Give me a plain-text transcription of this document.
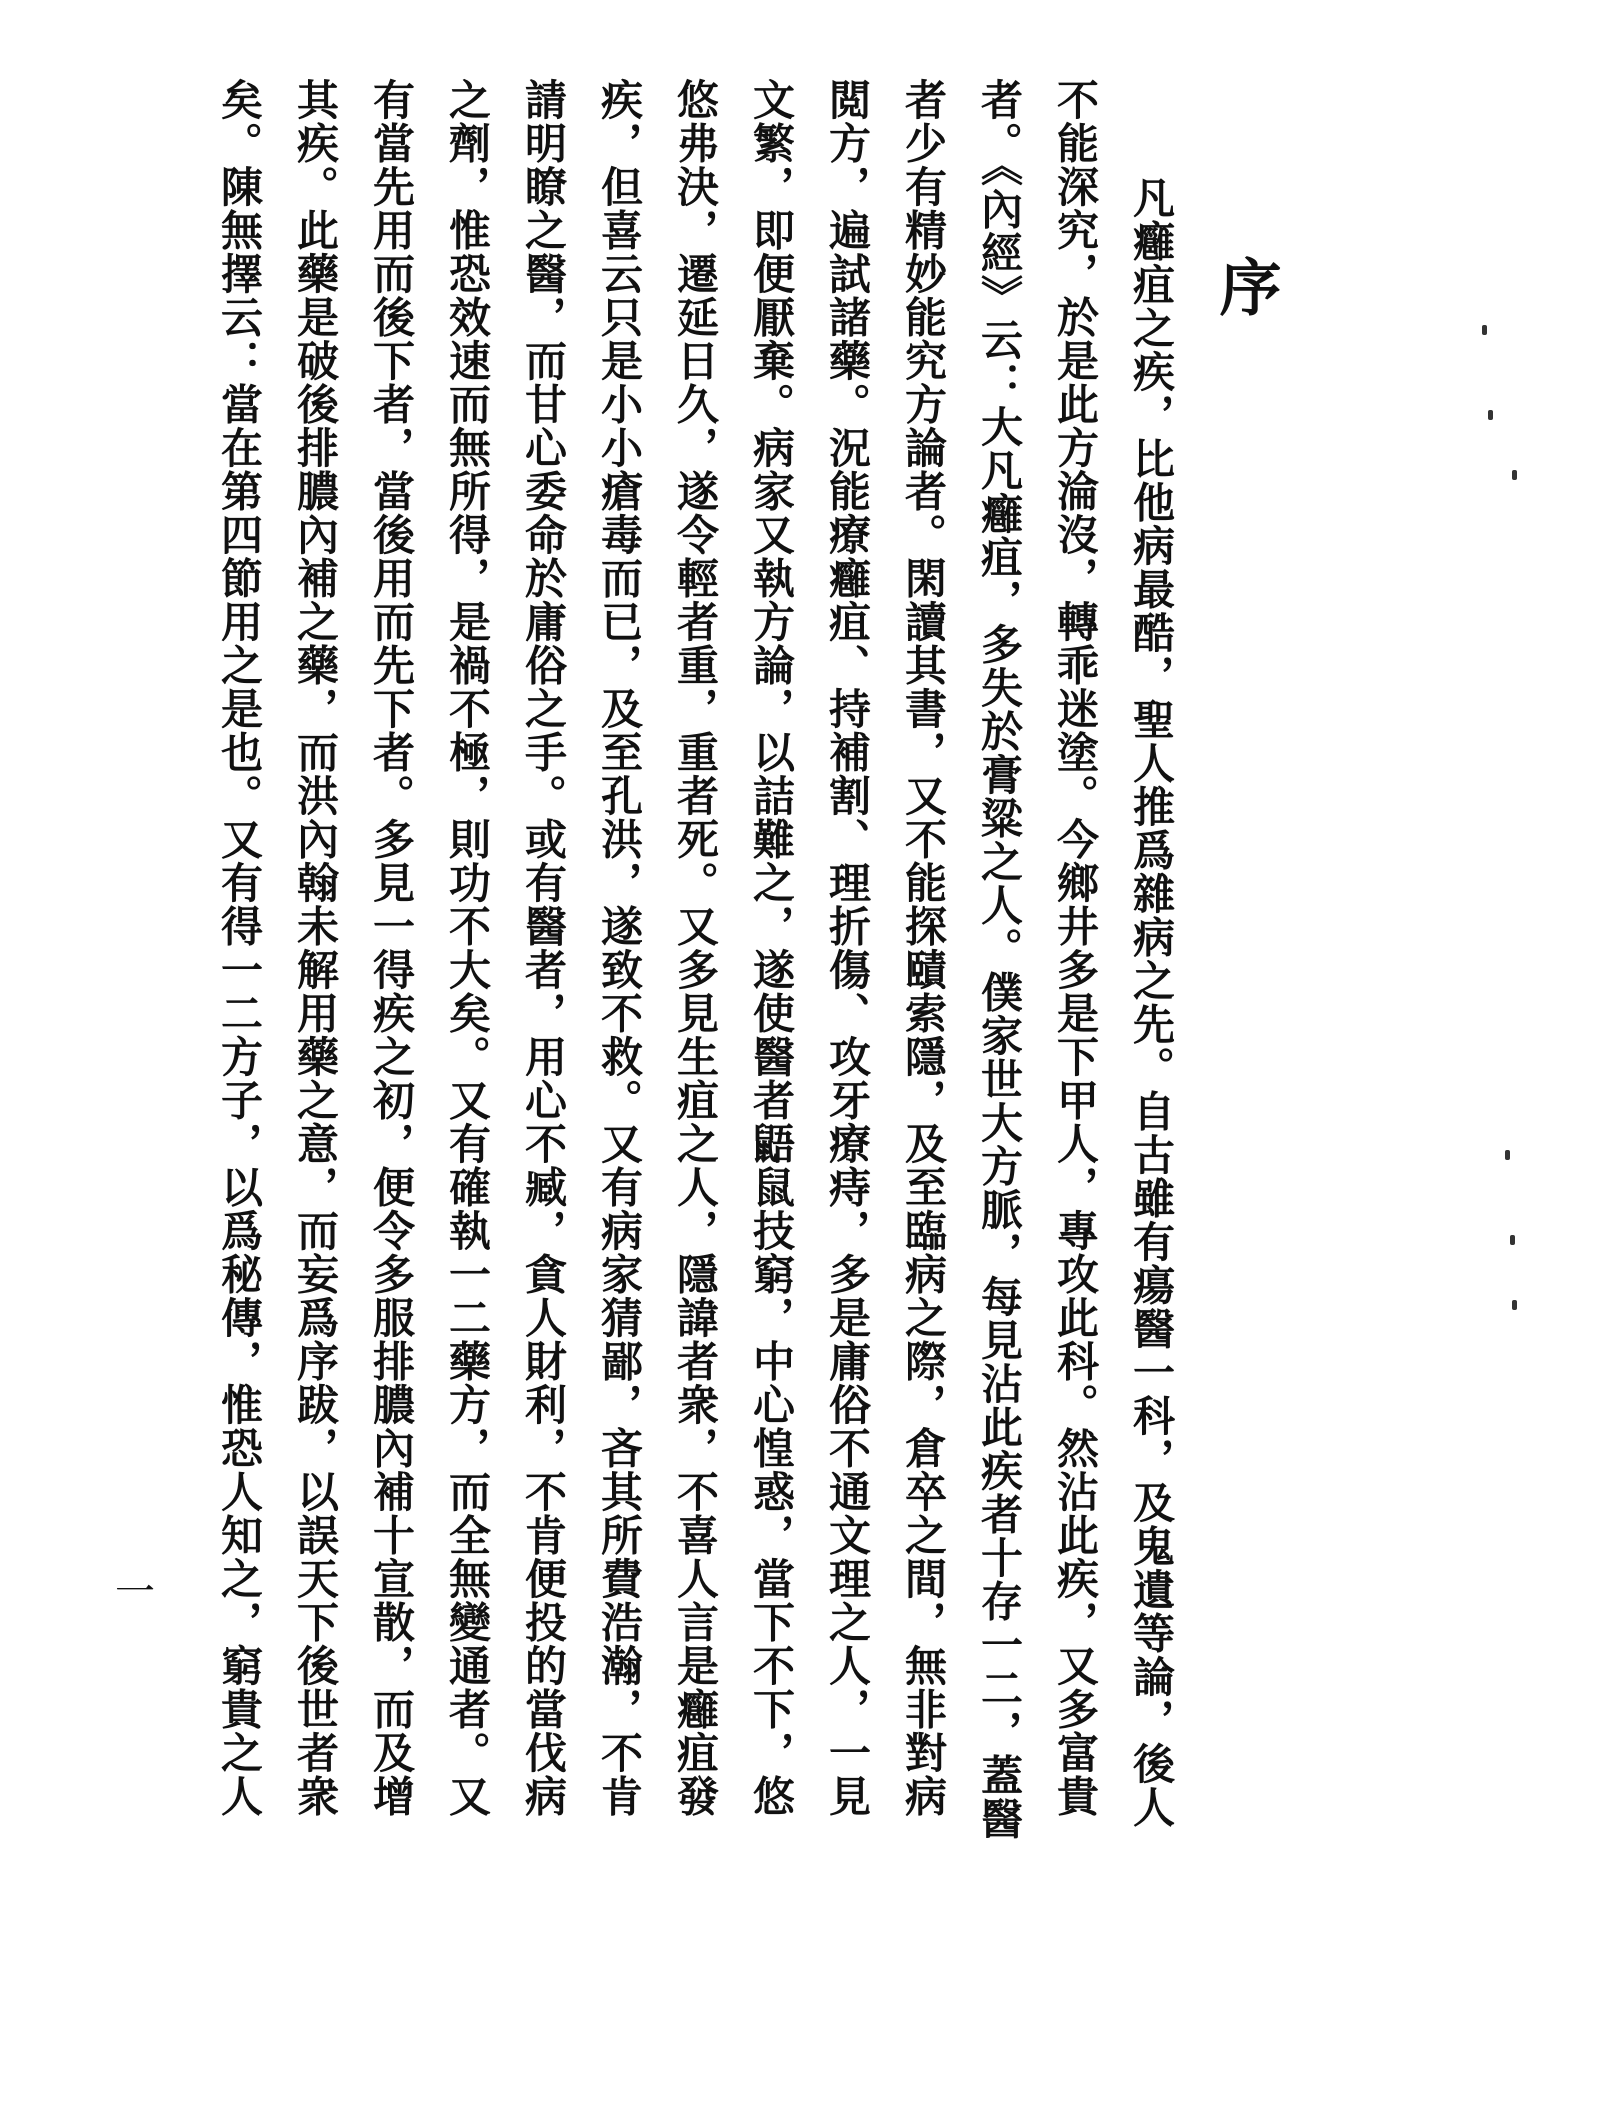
序
凡癰疽之疾，比他病最酷，聖人推爲雜病之先。自古雖有瘍醫一科，及鬼遺等論，後人
不能深究，於是此方淪沒，轉乖迷塗。今鄉井多是下甲人，專攻此科。然沾此疾，又多富貴
者。《內經》云：大凡癰疽，多失於膏粱之人。僕家世大方脈，每見沾此疾者十存一二，蓋醫
者少有精妙能究方論者。閑讀其書，又不能探賾索隱，及至臨病之際，倉卒之間，無非對病
閲方，遍試諸藥。況能療癰疽、持補割、理折傷、攻牙療痔，多是庸俗不通文理之人，一見
文繁，即便厭棄。病家又執方論，以詰難之，遂使醫者鼯鼠技窮，中心惶惑，當下不下，悠
悠弗決，遷延日久，遂令輕者重，重者死。又多見生疽之人，隱諱者衆，不喜人言是癰疽發
疾，但喜云只是小小瘡毒而已，及至孔洪，遂致不救。又有病家猜鄙，吝其所費浩瀚，不肯
請明瞭之醫，而甘心委命於庸俗之手。或有醫者，用心不臧，貪人財利，不肯便投的當伐病
之劑，惟恐效速而無所得，是禍不極，則功不大矣。又有確執一二藥方，而全無變通者。又
有當先用而後下者，當後用而先下者。多見一得疾之初，便令多服排膿內補十宣散，而及增
其疾。此藥是破後排膿內補之藥，而洪內翰未解用藥之意，而妄爲序跋，以誤天下後世者衆
矣。陳無擇云：當在第四節用之是也。又有得一二方子，以爲秘傳，惟恐人知之，窮貴之人
一
